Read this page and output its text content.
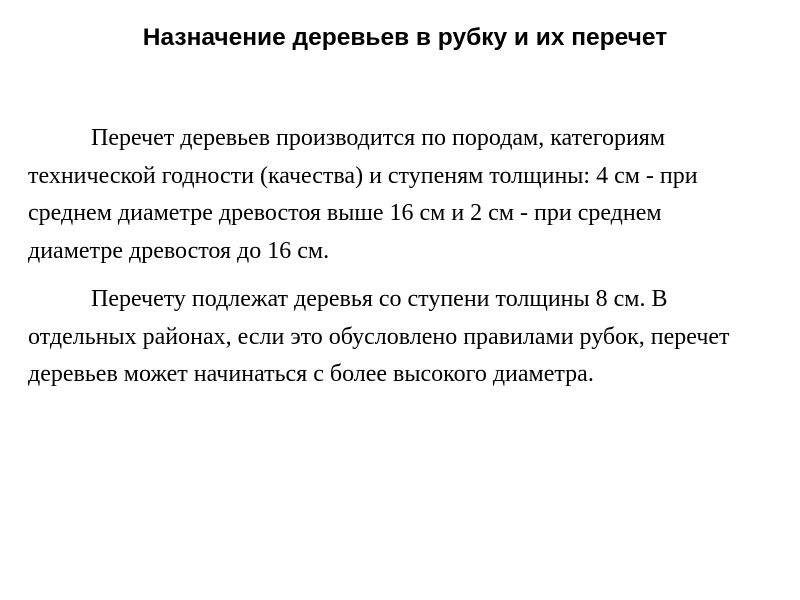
Назначение деревьев в рубку и их перечет

Перечет деревьев производится по породам, категориям технической годности (качества) и ступеням толщины: 4 см - при среднем диаметре древостоя выше 16 см и 2 см - при среднем диаметре древостоя до 16 см.

Перечету подлежат деревья со ступени толщины 8 см. В отдельных районах, если это обусловлено правилами рубок, перечет деревьев может начинаться с более высокого диаметра.
